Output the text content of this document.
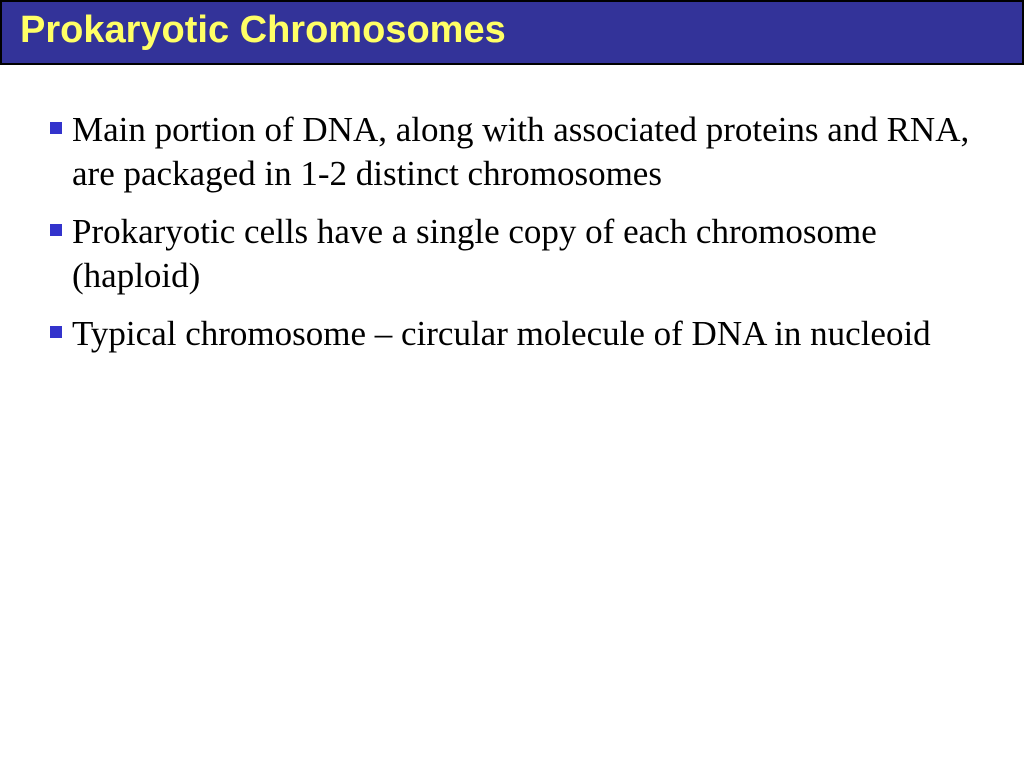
Prokaryotic Chromosomes
Main portion of DNA, along with associated proteins and RNA, are packaged in 1-2 distinct chromosomes
Prokaryotic cells have a single copy of each chromosome (haploid)
Typical chromosome – circular molecule of DNA in nucleoid
